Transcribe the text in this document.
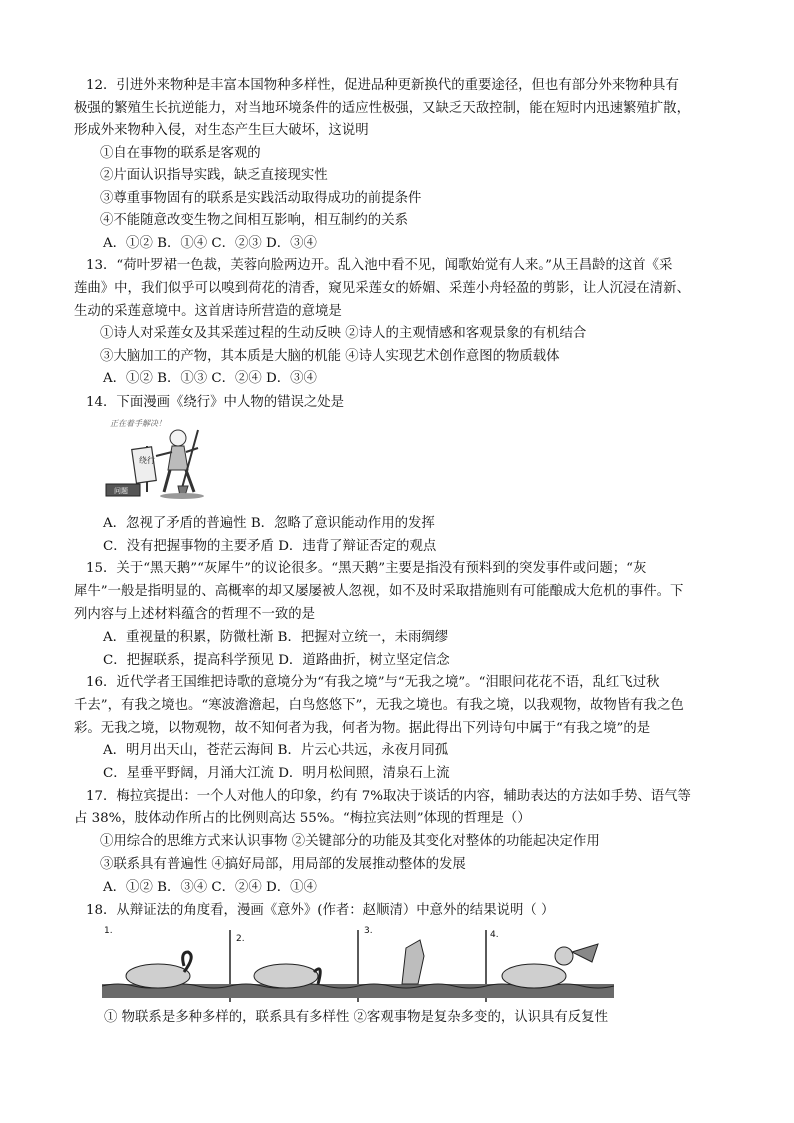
12．引进外来物种是丰富本国物种多样性，促进品种更新换代的重要途径，但也有部分外来物种具有
极强的繁殖生长抗逆能力，对当地环境条件的适应性极强，又缺乏天敌控制，能在短时内迅速繁殖扩散，
形成外来物种入侵，对生态产生巨大破坏，这说明
①自在事物的联系是客观的
②片面认识指导实践，缺乏直接现实性
③尊重事物固有的联系是实践活动取得成功的前提条件
④不能随意改变生物之间相互影响，相互制约的关系
A．①② B．①④ C．②③ D．③④
13．“荷叶罗裙一色裁，芙蓉向脸两边开。乱入池中看不见，闻歌始觉有人来。”从王昌龄的这首《采
莲曲》中，我们似乎可以嗅到荷花的清香，窥见采莲女的娇媚、采莲小舟轻盈的剪影，让人沉浸在清新、
生动的采莲意境中。这首唐诗所营造的意境是
①诗人对采莲女及其采莲过程的生动反映 ②诗人的主观情感和客观景象的有机结合
③大脑加工的产物，其本质是大脑的机能 ④诗人实现艺术创作意图的物质载体
A．①② B．①③ C．②④ D．③④
14．下面漫画《绕行》中人物的错误之处是
正在着手解决！
绕行
问题
A．忽视了矛盾的普遍性 B．忽略了意识能动作用的发挥
C．没有把握事物的主要矛盾 D．违背了辩证否定的观点
15．关于“黑天鹅”“灰犀牛”的议论很多。“黑天鹅”主要是指没有预料到的突发事件或问题；“灰
犀牛”一般是指明显的、高概率的却又屡屡被人忽视，如不及时采取措施则有可能酿成大危机的事件。下
列内容与上述材料蕴含的哲理不一致的是
A．重视量的积累，防微杜渐 B．把握对立统一，未雨绸缪
C．把握联系，提高科学预见 D．道路曲折，树立坚定信念
16．近代学者王国维把诗歌的意境分为“有我之境”与“无我之境”。“泪眼问花花不语，乱红飞过秋
千去”，有我之境也。“寒波澹澹起，白鸟悠悠下”，无我之境也。有我之境，以我观物，故物皆有我之色
彩。无我之境，以物观物，故不知何者为我，何者为物。据此得出下列诗句中属于“有我之境”的是
A．明月出天山，苍茫云海间 B．片云心共远，永夜月同孤
C．星垂平野阔，月涌大江流 D．明月松间照，清泉石上流
17．梅拉宾提出：一个人对他人的印象，约有 7%取决于谈话的内容，辅助表达的方法如手势、语气等
占 38%，肢体动作所占的比例则高达 55%。“梅拉宾法则”体现的哲理是（）
①用综合的思维方式来认识事物 ②关键部分的功能及其变化对整体的功能起决定作用
③联系具有普遍性 ④搞好局部，用局部的发展推动整体的发展
A．①② B．③④ C．②④ D．①④
18．从辩证法的角度看，漫画《意外》(作者：赵顺清）中意外的结果说明（ ）
1.
2.
3.	4.
① 物联系是多种多样的，联系具有多样性 ②客观事物是复杂多变的，认识具有反复性
